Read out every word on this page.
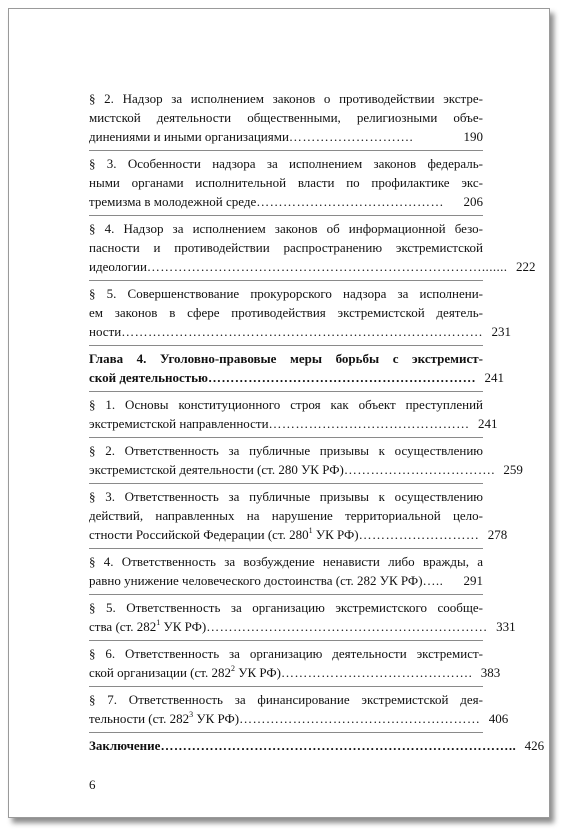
§ 2. Надзор за исполнением законов о противодействии экстре-
мистской деятельности общественными, религиозными объе-
динениями и иными организациями ……………………….	190
§ 3. Особенности надзора за исполнением законов федераль-
ными органами исполнительной власти по профилактике экс-
тремизма в молодежной среде ……………………………………	206
§ 4. Надзор за исполнением законов об информационной безо-
пасности и противодействии распространению экстремистской
идеологии …………………………………………………………………....... 222
§ 5. Совершенствование прокурорского надзора за исполнени-
ем законов в сфере противодействия экстремистской деятель-
ности ……………………………………………………………………… 231
Глава 4. Уголовно-правовые меры борьбы с экстремист-
ской деятельностью …………………………………………………… 241
§ 1. Основы конституционного строя как объект преступлений
экстремистской направленности ……………………………………… 241
§ 2. Ответственность за публичные призывы к осуществлению
экстремистской деятельности (ст. 280 УК РФ) ……………………………. 259
§ 3. Ответственность за публичные призывы к осуществлению
действий, направленных на нарушение территориальной цело-
стности Российской Федерации (ст. $280^1$ УК РФ) ……………………… 278
§ 4. Ответственность за возбуждение ненависти либо вражды, а
равно унижение человеческого достоинства (ст. 282 УК РФ) …..	291
§ 5. Ответственность за организацию экстремистского сообще-
ства (ст. $282^1$ УК РФ) ……………………………………………………… 331
§ 6. Ответственность за организацию деятельности экстремист-
ской организации (ст. $282^2$ УК РФ) ……………………………………. 383
§ 7. Ответственность за финансирование экстремистской дея-
тельности (ст. $282^3$ УК РФ) ……………………………………………… 406
Заключение …………………………………………………………………….. 426
6
